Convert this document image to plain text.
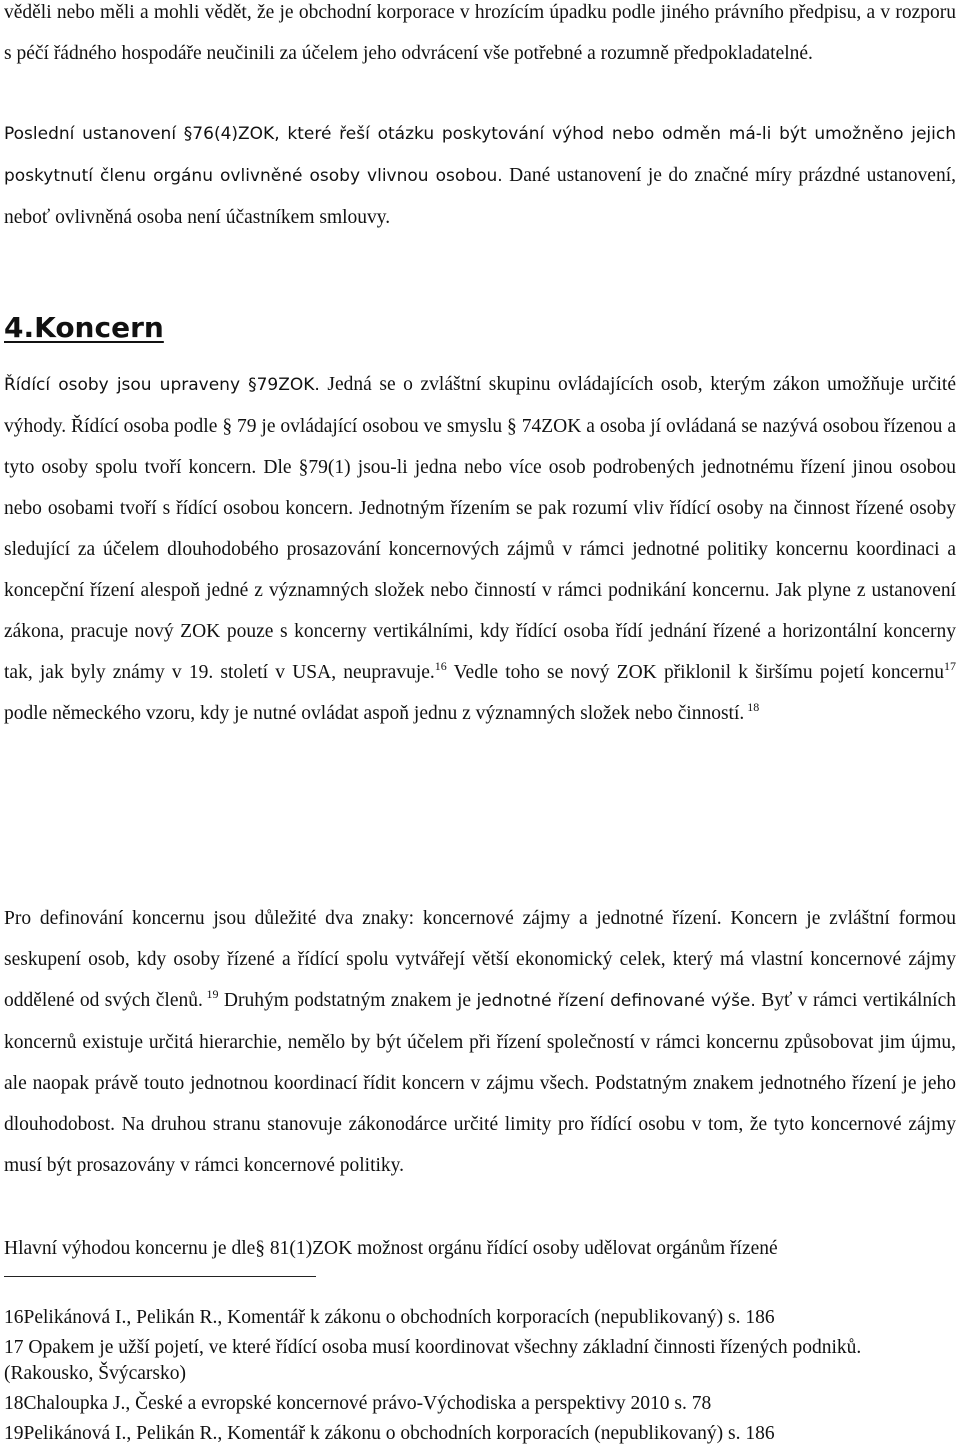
věděli nebo měli a mohli vědět, že je obchodní korporace v hrozícím úpadku podle jiného právního předpisu, a v rozporu s péčí řádného hospodáře neučinili za účelem jeho odvrácení vše potřebné a rozumně předpokladatelné.

Poslední ustanovení §76(4)ZOK, které řeší otázku poskytování výhod nebo odměn má-li být umožněno jejich poskytnutí členu orgánu ovlivněné osoby vlivnou osobou. Dané ustanovení je do značné míry prázdné ustanovení, neboť ovlivněná osoba není účastníkem smlouvy.

4.Koncern

Řídící osoby jsou upraveny §79ZOK. Jedná se o zvláštní skupinu ovládajících osob, kterým zákon umožňuje určité výhody. Řídící osoba podle § 79 je ovládající osobou ve smyslu § 74ZOK a osoba jí ovládaná se nazývá osobou řízenou a tyto osoby spolu tvoří koncern. Dle §79(1) jsou-li jedna nebo více osob podrobených jednotnému řízení jinou osobou nebo osobami tvoří s řídící osobou koncern. Jednotným řízením se pak rozumí vliv řídící osoby na činnost řízené osoby sledující za účelem dlouhodobého prosazování koncernových zájmů v rámci jednotné politiky koncernu koordinaci a koncepční řízení alespoň jedné z významných složek nebo činností v rámci podnikání koncernu. Jak plyne z ustanovení zákona, pracuje nový ZOK pouze s koncerny vertikálními, kdy řídící osoba řídí jednání řízené a horizontální koncerny tak, jak byly známy v 19. století v USA, neupravuje.$^{16}$ Vedle toho se nový ZOK přiklonil k širšímu pojetí koncernu$^{17}$ podle německého vzoru, kdy je nutné ovládat aspoň jednu z významných složek nebo činností. $^{18}$

Pro definování koncernu jsou důležité dva znaky: koncernové zájmy a jednotné řízení. Koncern je zvláštní formou seskupení osob, kdy osoby řízené a řídící spolu vytvářejí větší ekonomický celek, který má vlastní koncernové zájmy oddělené od svých členů. $^{19}$ Druhým podstatným znakem je jednotné řízení definované výše. Byť v rámci vertikálních koncernů existuje určitá hierarchie, nemělo by být účelem při řízení společností v rámci koncernu způsobovat jim újmu, ale naopak právě touto jednotnou koordinací řídit koncern v zájmu všech. Podstatným znakem jednotného řízení je jeho dlouhodobost. Na druhou stranu stanovuje zákonodárce určité limity pro řídící osobu v tom, že tyto koncernové zájmy musí být prosazovány v rámci koncernové politiky.

Hlavní výhodou koncernu je dle§ 81(1)ZOK možnost orgánu řídící osoby udělovat orgánům řízené

16Pelikánová I., Pelikán R., Komentář k zákonu o obchodních korporacích (nepublikovaný) s. 186
17 Opakem je užší pojetí, ve které řídící osoba musí koordinovat všechny základní činnosti řízených podniků. (Rakousko, Švýcarsko)
18Chaloupka J., České a evropské koncernové právo-Východiska a perspektivy 2010 s. 78
19Pelikánová I., Pelikán R., Komentář k zákonu o obchodních korporacích (nepublikovaný) s. 186
